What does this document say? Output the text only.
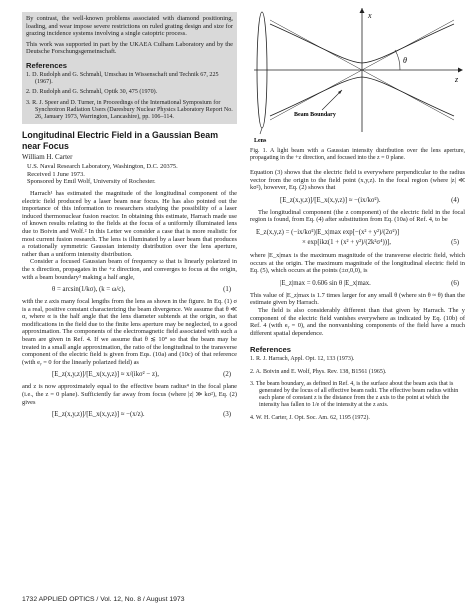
By contrast, the well-known problems associated with diamond positioning, loading, and wear impose severe restrictions on ruled grating design and size for grazing incidence systems involving a single catoptric process.

This work was supported in part by the UKAEA Culham Laboratory and by the Deutsche Forschungsgemeinschaft.

References

1. D. Rudolph and G. Schmahl, Umschau in Wissenschaft und Technik 67, 225 (1967).

2. D. Rudolph and G. Schmahl, Optik 30, 475 (1970).

3. R. J. Speer and D. Turner, in Proceedings of the International Symposium for Synchrotron Radiation Users (Daresbury Nuclear Physics Laboratory Report No. 26, January 1973, Warrington, Lancashire), pp. 106–114.

Longitudinal Electric Field in a Gaussian Beam near Focus
William H. Carter
U.S. Naval Research Laboratory, Washington, D.C. 20375.
Received 1 June 1973.
Sponsored by Emil Wolf, University of Rochester.

Harrach¹ has estimated the magnitude of the longitudinal component of the electric field produced by a laser beam near focus. He has also pointed out the importance of this information to researchers studying the possibility of a laser induced thermonuclear fusion reactor. In obtaining this estimate, Harrach made use of known results relating to the fields at the focus of a uniformly illuminated lens due to Boivin and Wolf.² In this Letter we consider a case that is more realistic for most current fusion research. The lens is illuminated by a laser beam that produces a rotationally symmetric Gaussian intensity distribution over the lens aperture, rather than a uniform intensity distribution.

Consider a focused Gaussian beam of frequency ω that is linearly polarized in the x direction, propagates in the +z direction, and converges to focus at the origin, with a beam boundary³ making a half angle,

θ = arcsin(1/kσ), (k = ω/c),	(1)

with the z axis many focal lengths from the lens as shown in the figure. In Eq. (1) σ is a real, positive constant characterizing the beam divergence. We assume that θ ≪ α, where α is the half angle that the lens diameter subtends at the origin, so that modifications in the field due to the finite lens aperture may be neglected, to a good approximation. The components of the electromagnetic field associated with such a beam are given in Ref. 4. If we assume that θ ≲ 10° so that the beam may be treated in a small angle approximation, the ratio of the longitudinal to the transverse component of the electric field is given from Eqs. (10a) and (10c) of that reference (with eᵧ = 0 for the linearly polarized field) as

[E_z(x,y,z)]/[E_x(x,y,z)] ≈ x/(ikσ² − z),	(2)

and z is now approximately equal to the effective beam radius⁴ in the focal plane (i.e., the z = 0 plane). Sufficiently far away from focus (where |z| ≫ kσ²), Eq. (2) gives

[E_z(x,y,z)]/[E_x(x,y,z)] ≈ −(x/z).	(3)
θ
x
z
Beam Boundary
Lens

Fig. 1. A light beam with a Gaussian intensity distribution over the lens aperture, propagating in the +z direction, and focused into the z = 0 plane.

Equation (3) shows that the electric field is everywhere perpendicular to the radius vector from the origin to the field point (x,y,z). In the focal region (where |z| ≪ kσ²), however, Eq. (2) shows that

[E_z(x,y,z)]/[E_x(x,y,z)] ≈ −(ix/kσ²).	(4)

The longitudinal component (the z component) of the electric field in the focal region is found, from Eq. (4) after substitution from Eq. (10a) of Ref. 4, to be

E_z(x,y,z) = (−ix/kσ²)|E_x|max exp[−(x² + y²)/(2σ²)]
× exp[ikz(1 + (x² + y²)/(2k²σ⁴))],	(5)

where |E_x|max is the maximum magnitude of the transverse electric field, which occurs at the origin. The maximum magnitude of the longitudinal electric field in Eq. (5), which occurs at the points (±σ,0,0), is

|E_z|max = 0.606 sin θ |E_x|max.	(6)

This value of |E_z|max is 1.7 times larger for any small θ (where sin θ ≈ θ) than the estimate given by Harrach.

The field is also considerably different than that given by Harrach. The y component of the electric field vanishes everywhere as indicated by Eq. (10b) of Ref. 4 (with eᵧ = 0), and the nonvanishing components of the field have a much different spatial dependence.

References

1. R. J. Harrach, Appl. Opt. 12, 133 (1973).

2. A. Boivin and E. Wolf, Phys. Rev. 138, B1561 (1965).

3. The beam boundary, as defined in Ref. 4, is the surface about the beam axis that is generated by the locus of all effective beam radii. The effective beam radius within each plane of constant z is the distance from the z axis to the point at which the intensity has fallen to 1/e of the intensity at the z axis.

4. W. H. Carter, J. Opt. Soc. Am. 62, 1195 (1972).

1732 APPLIED OPTICS / Vol. 12, No. 8 / August 1973
